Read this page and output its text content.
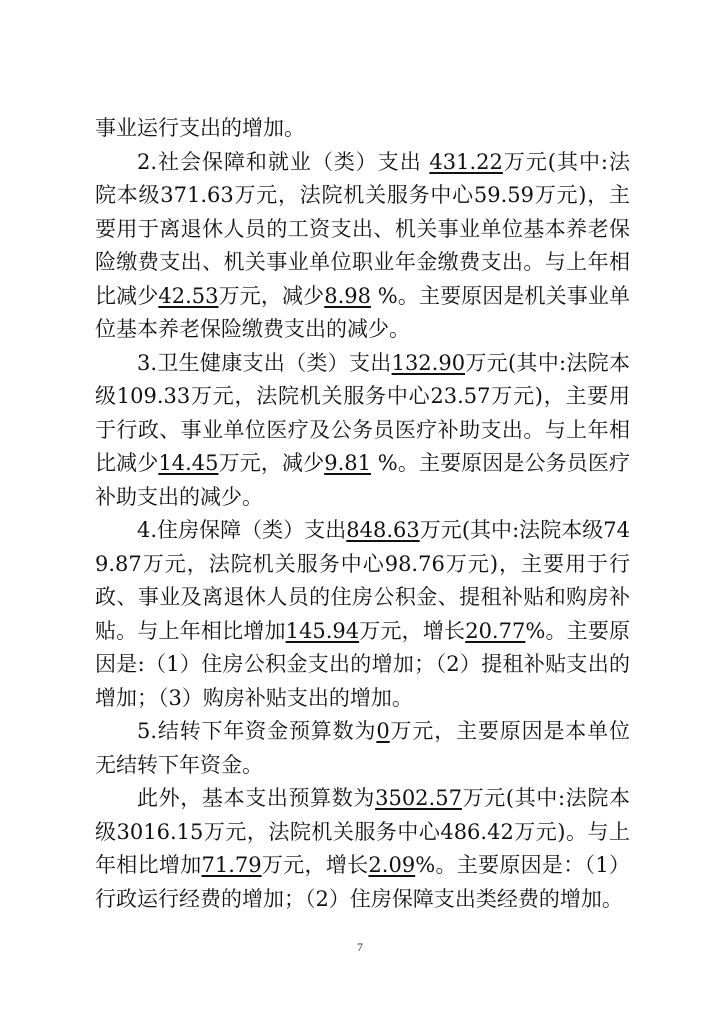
事业运行支出的增加。

2.社会保障和就业（类）支出 431.22万元(其中:法院本级371.63万元，法院机关服务中心59.59万元)，主要用于离退休人员的工资支出、机关事业单位基本养老保险缴费支出、机关事业单位职业年金缴费支出。与上年相比减少42.53万元，减少8.98 %。主要原因是机关事业单位基本养老保险缴费支出的减少。

3.卫生健康支出（类）支出132.90万元(其中:法院本级109.33万元，法院机关服务中心23.57万元)，主要用于行政、事业单位医疗及公务员医疗补助支出。与上年相比减少14.45万元，减少9.81 %。主要原因是公务员医疗补助支出的减少。

4.住房保障（类）支出848.63万元(其中:法院本级749.87万元，法院机关服务中心98.76万元)，主要用于行政、事业及离退休人员的住房公积金、提租补贴和购房补贴。与上年相比增加145.94万元，增长20.77%。主要原因是:（1）住房公积金支出的增加；（2）提租补贴支出的增加；（3）购房补贴支出的增加。

5.结转下年资金预算数为0万元，主要原因是本单位无结转下年资金。

此外，基本支出预算数为3502.57万元(其中:法院本级3016.15万元，法院机关服务中心486.42万元)。与上年相比增加71.79万元，增长2.09%。主要原因是：（1）行政运行经费的增加；（2）住房保障支出类经费的增加。

7
